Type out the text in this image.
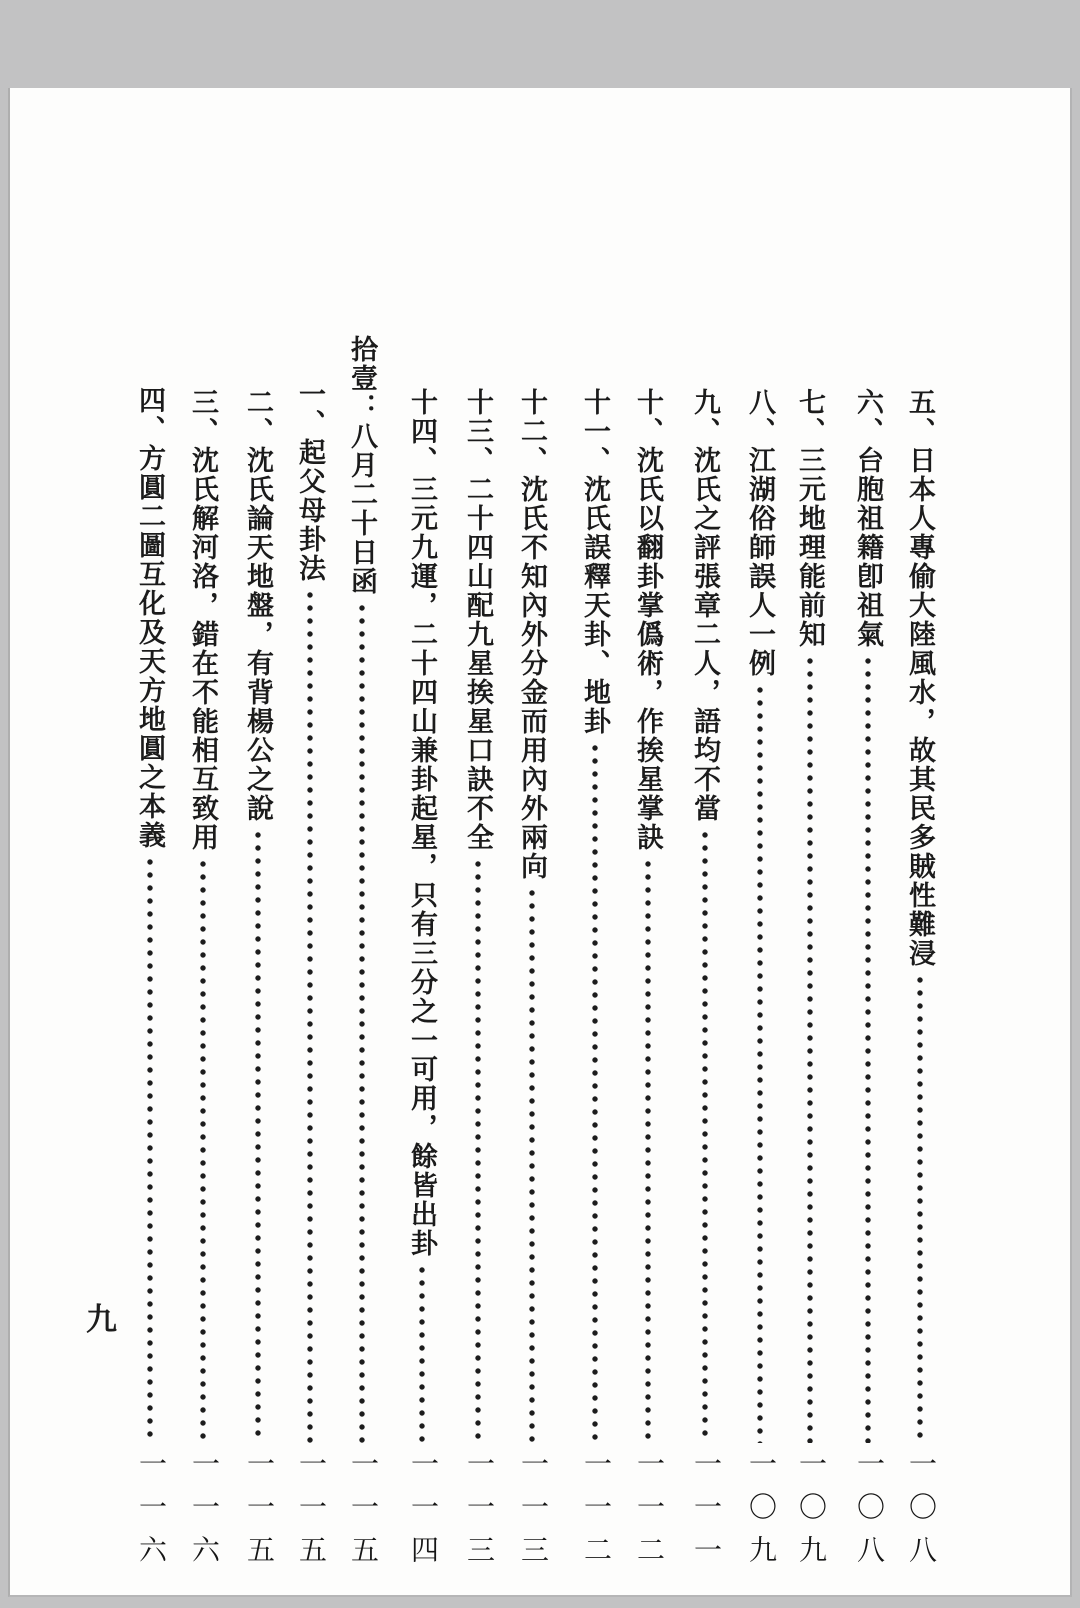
五、日本人專偷大陸風水，故其民多賊性難浸
一〇八
六、台胞祖籍卽祖氣
一〇八
七、三元地理能前知
一〇九
八、江湖俗師誤人一例
一〇九
九、沈氏之評張章二人，語均不當
一一一
十、沈氏以翻卦掌僞術，作挨星掌訣
一一二
十一、沈氏誤釋天卦、地卦
一一二
十二、沈氏不知內外分金而用內外兩向
一一三
十三、二十四山配九星挨星口訣不全
一一三
十四、三元九運，二十四山兼卦起星，只有三分之一可用，餘皆出卦
一一四
拾壹：八月二十日函
一一五
一、起父母卦法
一一五
二、沈氏論天地盤，有背楊公之說
一一五
三、沈氏解河洛，錯在不能相互致用
一一六
四、方圓二圖互化及天方地圓之本義
一一六
九
